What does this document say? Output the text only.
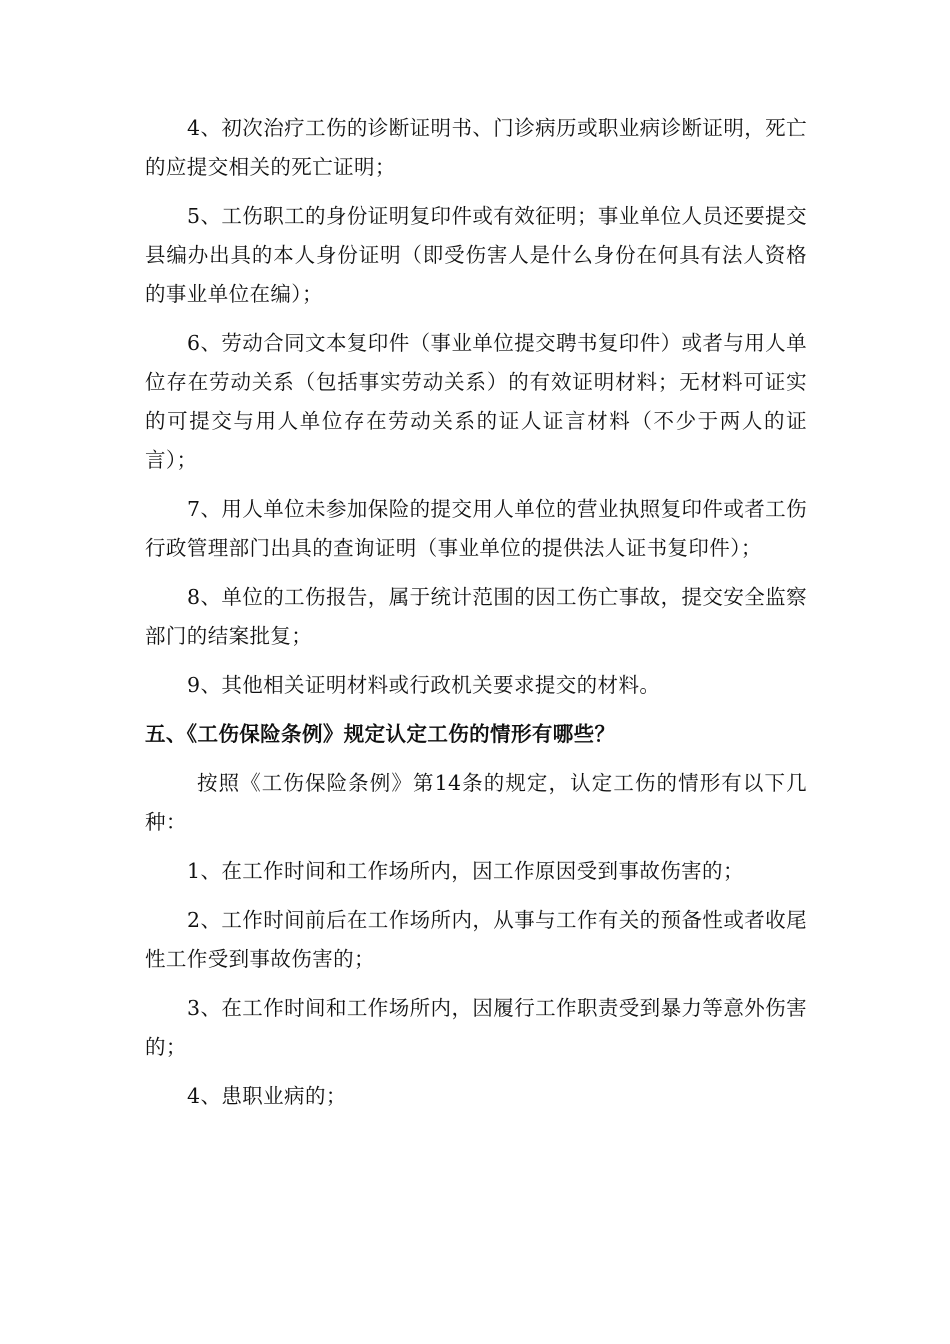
4、初次治疗工伤的诊断证明书、门诊病历或职业病诊断证明，死亡的应提交相关的死亡证明；

5、工伤职工的身份证明复印件或有效征明；事业单位人员还要提交县编办出具的本人身份证明（即受伤害人是什么身份在何具有法人资格的事业单位在编）；

6、劳动合同文本复印件（事业单位提交聘书复印件）或者与用人单位存在劳动关系（包括事实劳动关系）的有效证明材料；无材料可证实的可提交与用人单位存在劳动关系的证人证言材料（不少于两人的证言）；

7、用人单位未参加保险的提交用人单位的营业执照复印件或者工伤行政管理部门出具的查询证明（事业单位的提供法人证书复印件）；

8、单位的工伤报告，属于统计范围的因工伤亡事故，提交安全监察部门的结案批复；

9、其他相关证明材料或行政机关要求提交的材料。

五、《工伤保险条例》规定认定工伤的情形有哪些？

按照《工伤保险条例》第14条的规定，认定工伤的情形有以下几种：

1、在工作时间和工作场所内，因工作原因受到事故伤害的；

2、工作时间前后在工作场所内，从事与工作有关的预备性或者收尾性工作受到事故伤害的；

3、在工作时间和工作场所内，因履行工作职责受到暴力等意外伤害的；

4、患职业病的；
